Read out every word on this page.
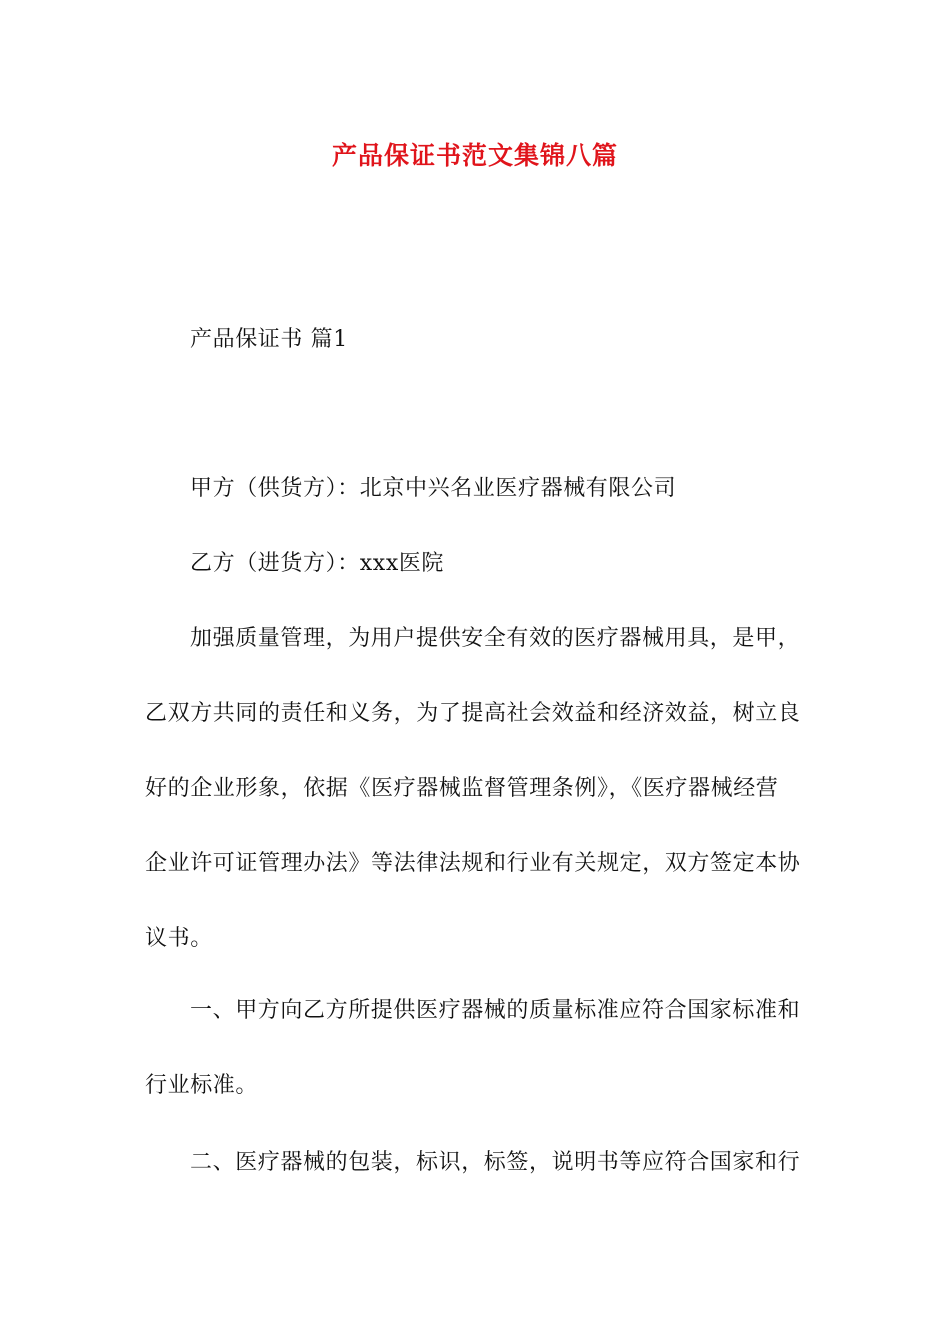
产品保证书范文集锦八篇
产品保证书 篇1
甲方（供货方）：北京中兴名业医疗器械有限公司
乙方（进货方）：xxx医院
加强质量管理，为用户提供安全有效的医疗器械用具，是甲，
乙双方共同的责任和义务，为了提高社会效益和经济效益，树立良
好的企业形象，依据《医疗器械监督管理条例》，《医疗器械经营
企业许可证管理办法》等法律法规和行业有关规定，双方签定本协
议书。
一、甲方向乙方所提供医疗器械的质量标准应符合国家标准和
行业标准。
二、医疗器械的包装，标识，标签，说明书等应符合国家和行
